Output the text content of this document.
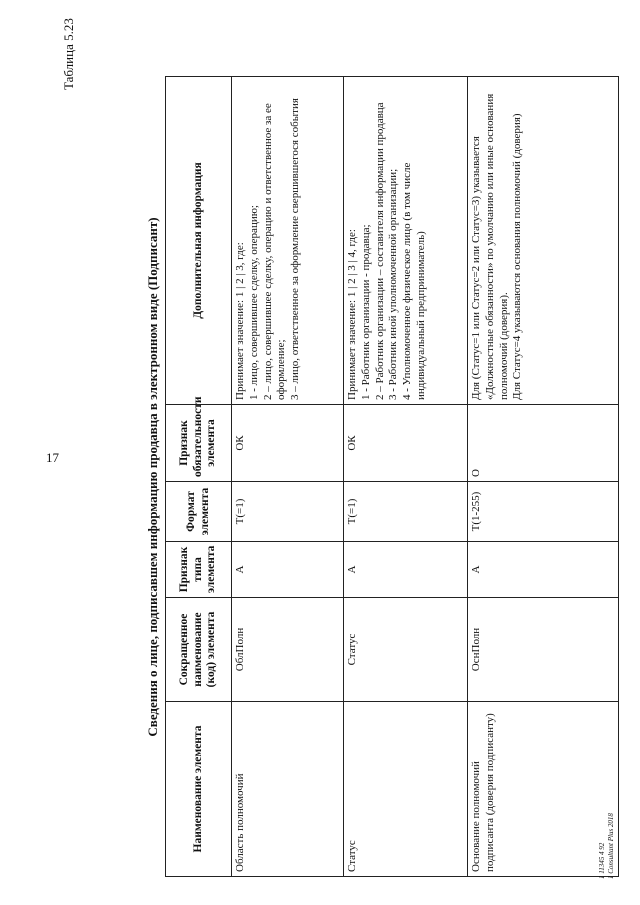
17
Таблица 5.23
Сведения о лице, подписавшем информацию продавца в электронном виде (Подписант)
Наименование элемента	Сокращенное наименование (код) элемента	Признак типа элемента	Формат элемента	Признак обязательности элемента	Дополнительная информация
Область полномочий	ОблПолн	А	T(=1)	ОК	Принимает значение: 1 | 2 | 3, где: 1 - лицо, совершившее сделку, операцию; 2 – лицо, совершившее сделку, операцию и ответственное за ее оформление; 3 – лицо, ответственное за оформление свершившегося события

Статус	Статус	А	T(=1)	ОК	Принимает значение: 1 | 2 | 3 | 4, где: 1 - Работник организации - продавца; 2 – Работник организации – составителя информации продавца 3 - Работник иной уполномоченной организации; 4 - Уполномоченное физическое лицо (в том числе индивидуальный предприниматель)

Основание полномочий подписанта (доверия подписанту)	ОснПолн	А	T(1-255)	О	Для (Статус=1 или Статус=2 или Статус=3) указывается «Должностные обязанности» по умолчанию или иные основания полномочий (доверия). Для Статус=4 указываются основания полномочий (доверия)
1 11345 4 92 1 Consultant Plus 2018
